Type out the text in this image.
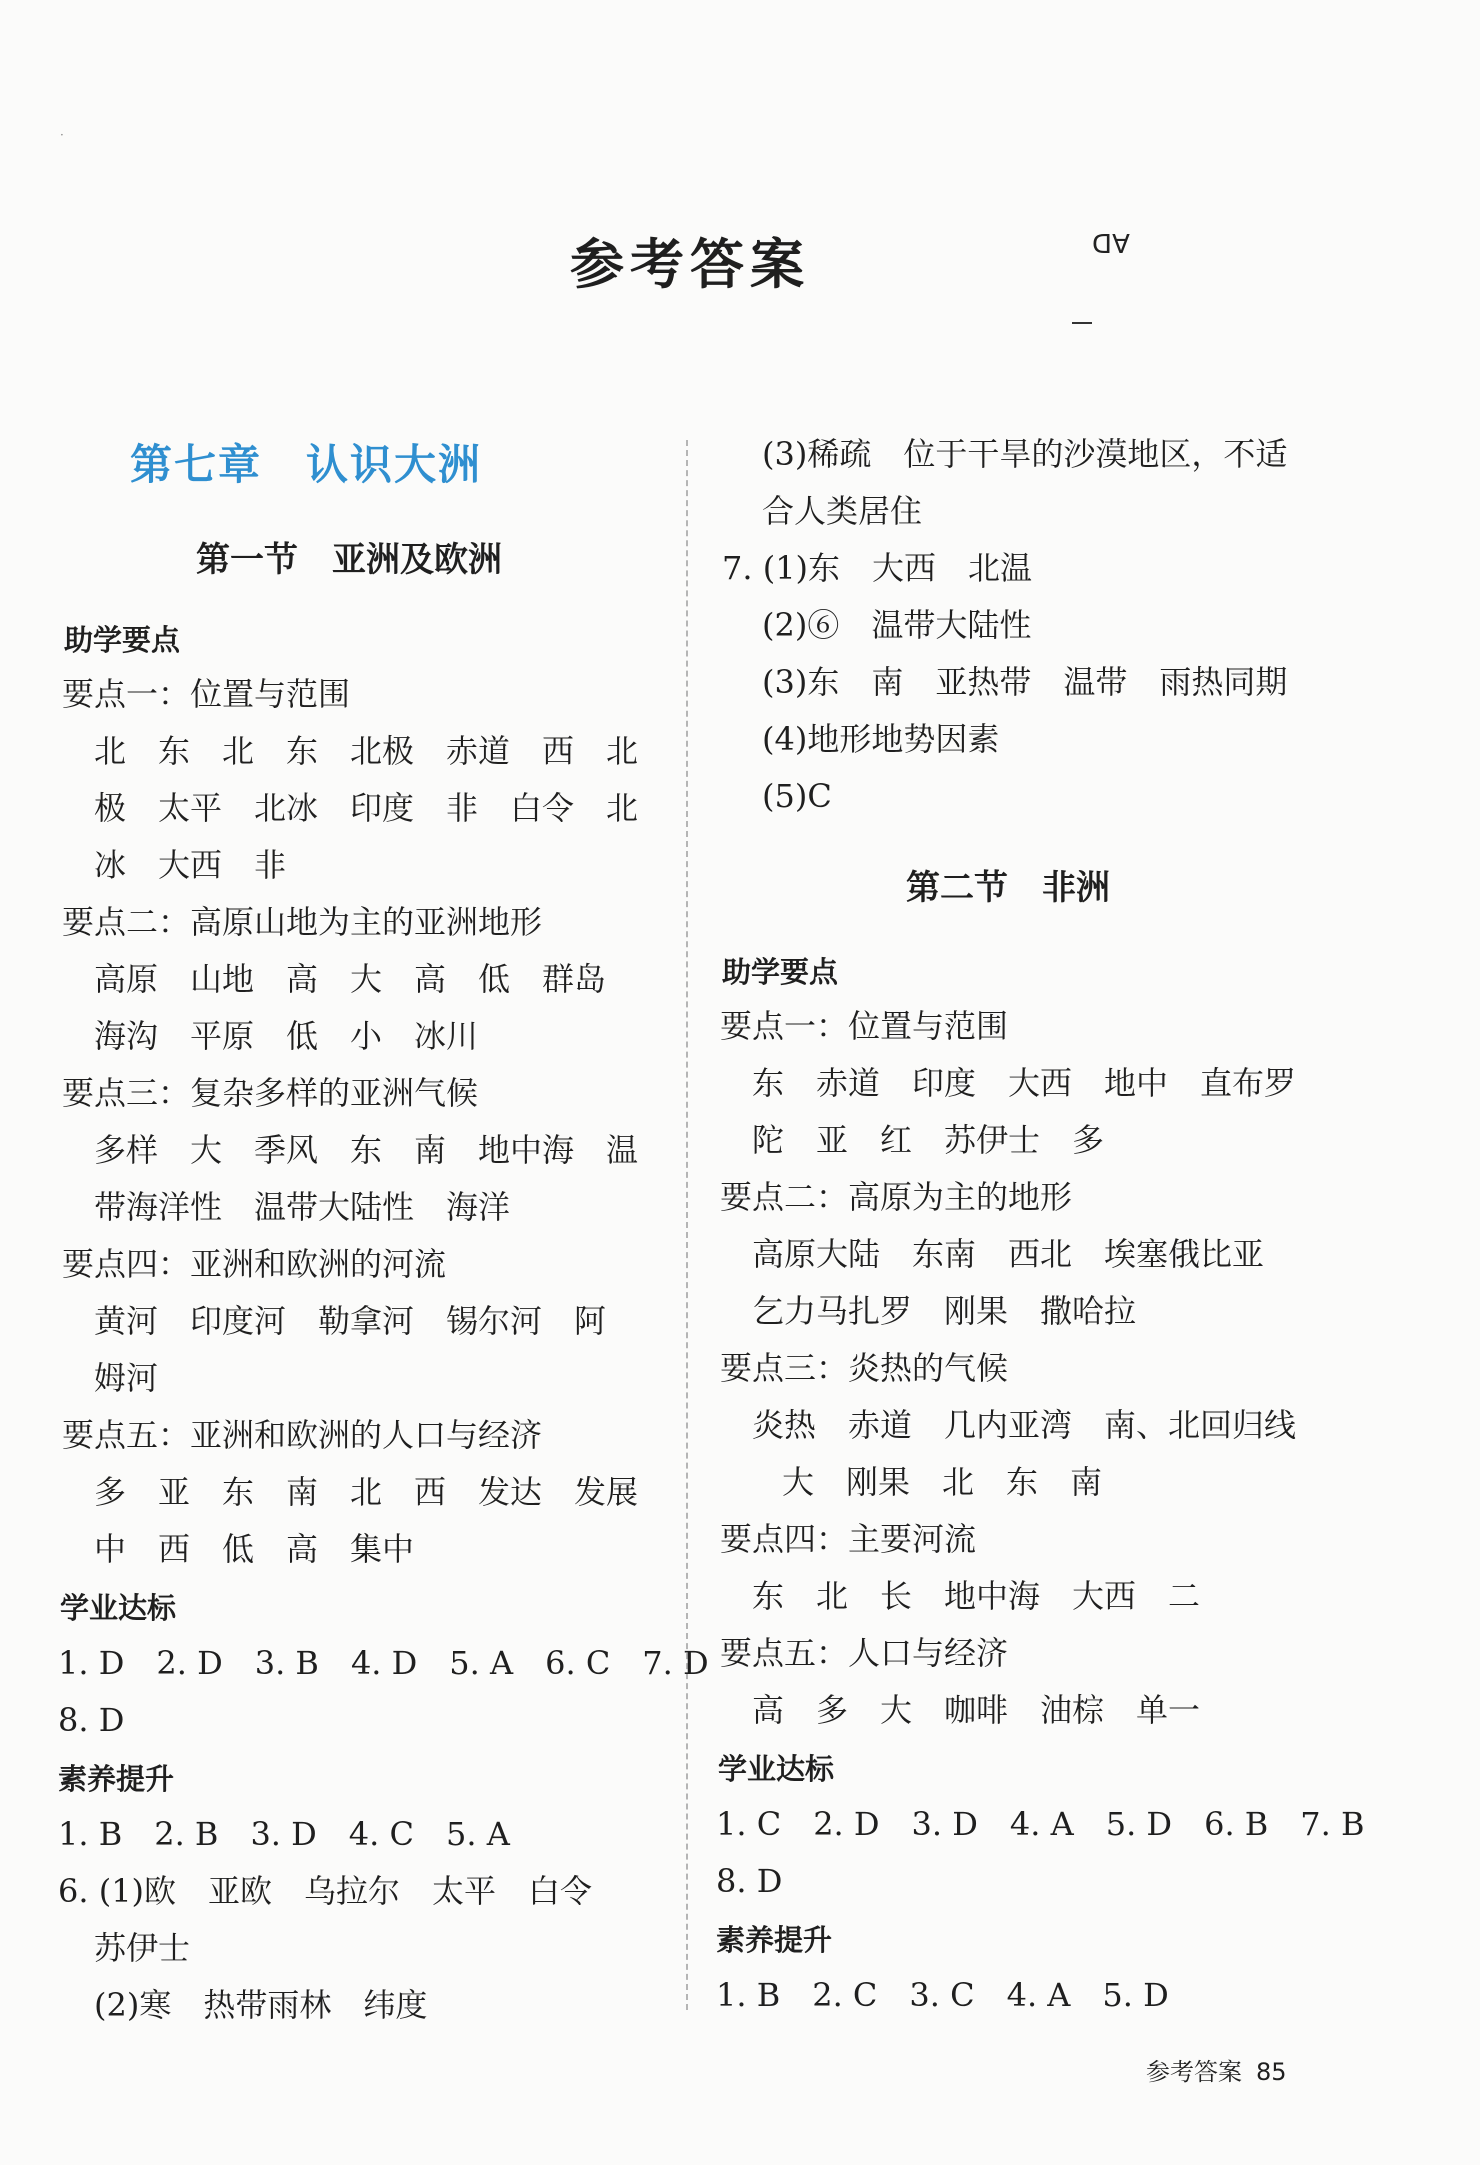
·
参考答案	AD
第七章　认识大洲
第一节　亚洲及欧洲
助学要点
要点一：位置与范围
北　东　北　东　北极　赤道　西　北
极　太平　北冰　印度　非　白令　北
冰　大西　非
要点二：高原山地为主的亚洲地形
高原　山地　高　大　高　低　群岛
海沟　平原　低　小　冰川
要点三：复杂多样的亚洲气候
多样　大　季风　东　南　地中海　温
带海洋性　温带大陆性　海洋
要点四：亚洲和欧洲的河流
黄河　印度河　勒拿河　锡尔河　阿
姆河
要点五：亚洲和欧洲的人口与经济
多　亚　东　南　北　西　发达　发展
中　西　低　高　集中
学业达标
1. D　2. D　3. B　4. D　5. A　6. C　7. D
8. D
素养提升
1. B　2. B　3. D　4. C　5. A
6. (1)欧　亚欧　乌拉尔　太平　白令
苏伊士
(2)寒　热带雨林　纬度
(3)稀疏　位于干旱的沙漠地区，不适
合人类居住
7. (1)东　大西　北温
(2)⑥　温带大陆性
(3)东　南　亚热带　温带　雨热同期
(4)地形地势因素
(5)C
第二节　非洲
助学要点
要点一：位置与范围
东　赤道　印度　大西　地中　直布罗
陀　亚　红　苏伊士　多
要点二：高原为主的地形
高原大陆　东南　西北　埃塞俄比亚
乞力马扎罗　刚果　撒哈拉
要点三：炎热的气候
炎热　赤道　几内亚湾　南、北回归线
大　刚果　北　东　南
要点四：主要河流
东　北　长　地中海　大西　二
要点五：人口与经济
高　多　大　咖啡　油棕　单一
学业达标
1. C　2. D　3. D　4. A　5. D　6. B　7. B
8. D
素养提升
1. B　2. C　3. C　4. A　5. D
参考答案 85
